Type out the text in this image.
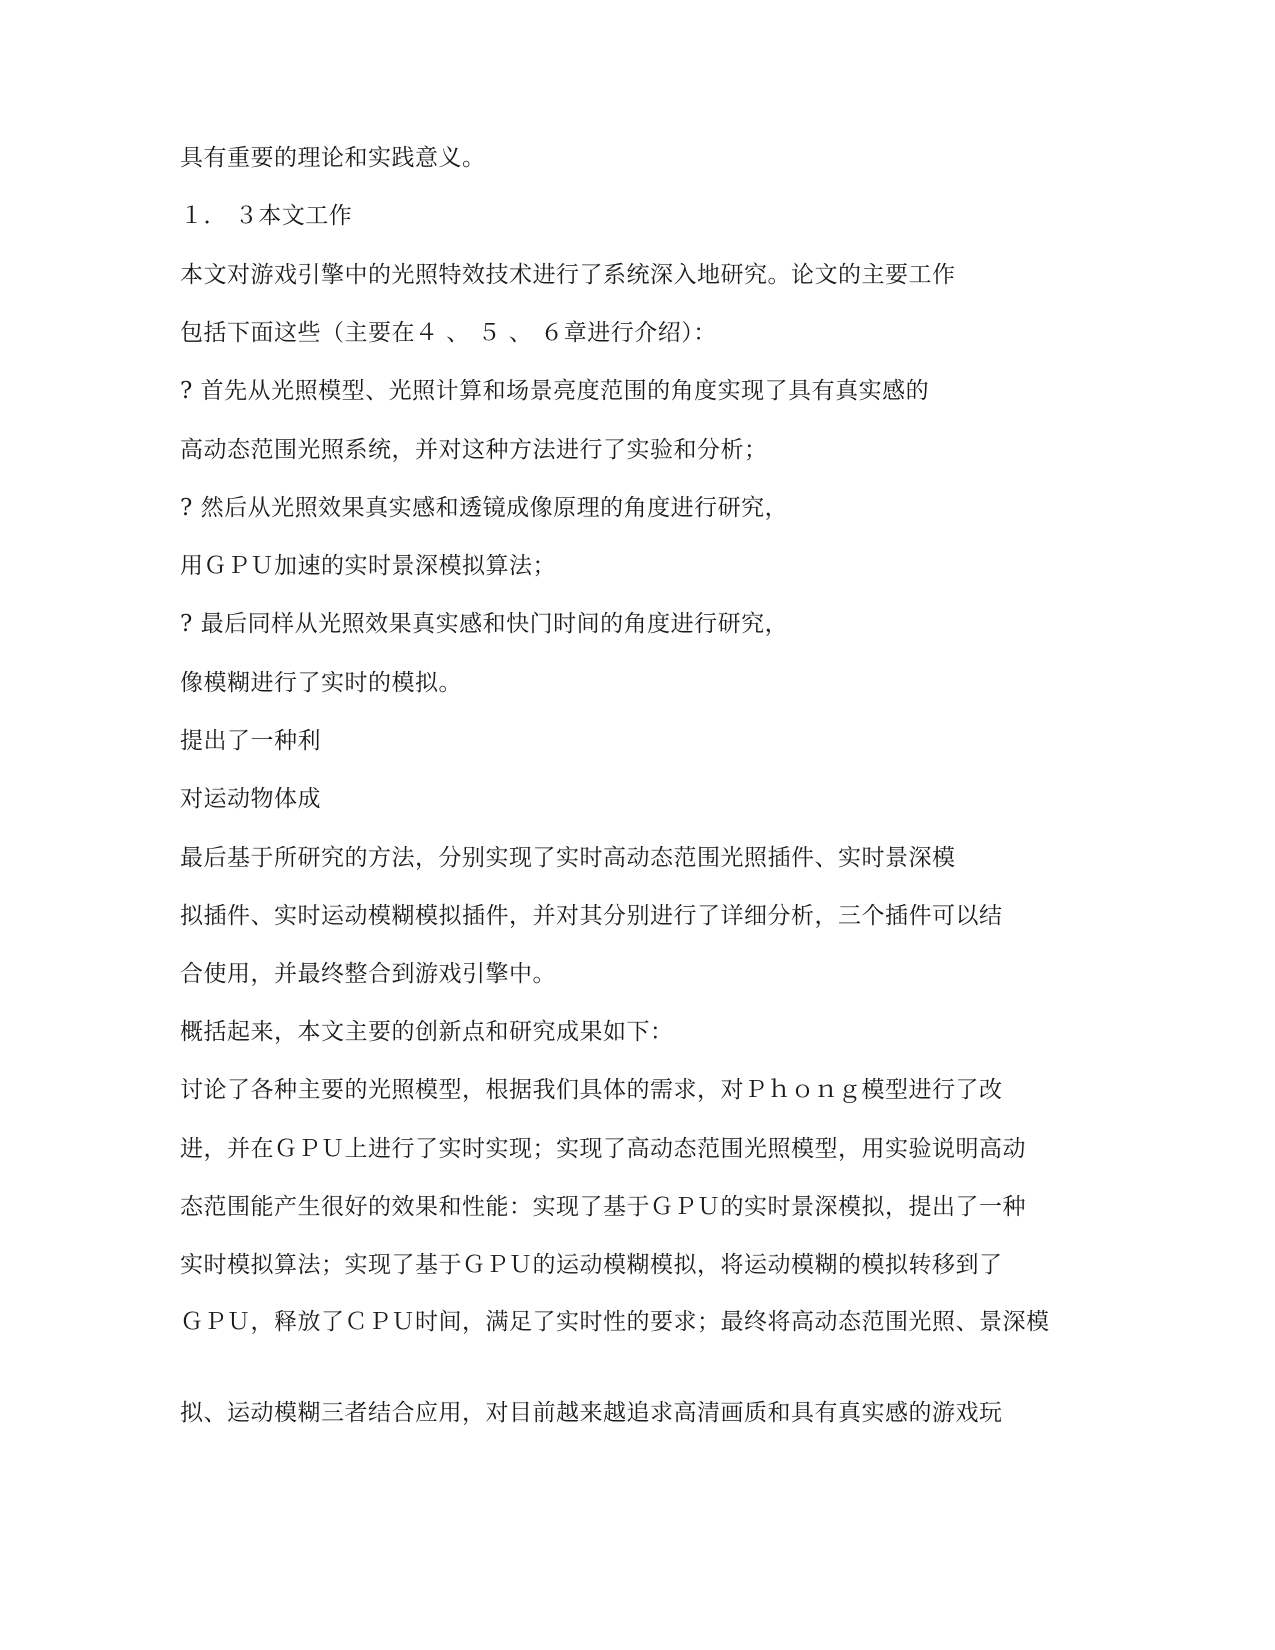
具有重要的理论和实践意义。
１． ３本文工作
本文对游戏引擎中的光照特效技术进行了系统深入地研究。论文的主要工作
包括下面这些（主要在４ 、 ５ 、 ６章进行介绍）：
? 首先从光照模型、光照计算和场景亮度范围的角度实现了具有真实感的
高动态范围光照系统，并对这种方法进行了实验和分析；
? 然后从光照效果真实感和透镜成像原理的角度进行研究，
用ＧＰＵ加速的实时景深模拟算法；
? 最后同样从光照效果真实感和快门时间的角度进行研究，
像模糊进行了实时的模拟。
提出了一种利
对运动物体成
最后基于所研究的方法，分别实现了实时高动态范围光照插件、实时景深模
拟插件、实时运动模糊模拟插件，并对其分别进行了详细分析，三个插件可以结
合使用，并最终整合到游戏引擎中。
概括起来，本文主要的创新点和研究成果如下：
讨论了各种主要的光照模型，根据我们具体的需求，对Ｐｈｏｎｇ模型进行了改
进，并在ＧＰＵ上进行了实时实现；实现了高动态范围光照模型，用实验说明高动
态范围能产生很好的效果和性能：实现了基于ＧＰＵ的实时景深模拟，提出了一种
实时模拟算法；实现了基于ＧＰＵ的运动模糊模拟，将运动模糊的模拟转移到了
ＧＰＵ，释放了ＣＰＵ时间，满足了实时性的要求；最终将高动态范围光照、景深模
拟、运动模糊三者结合应用，对目前越来越追求高清画质和具有真实感的游戏玩
